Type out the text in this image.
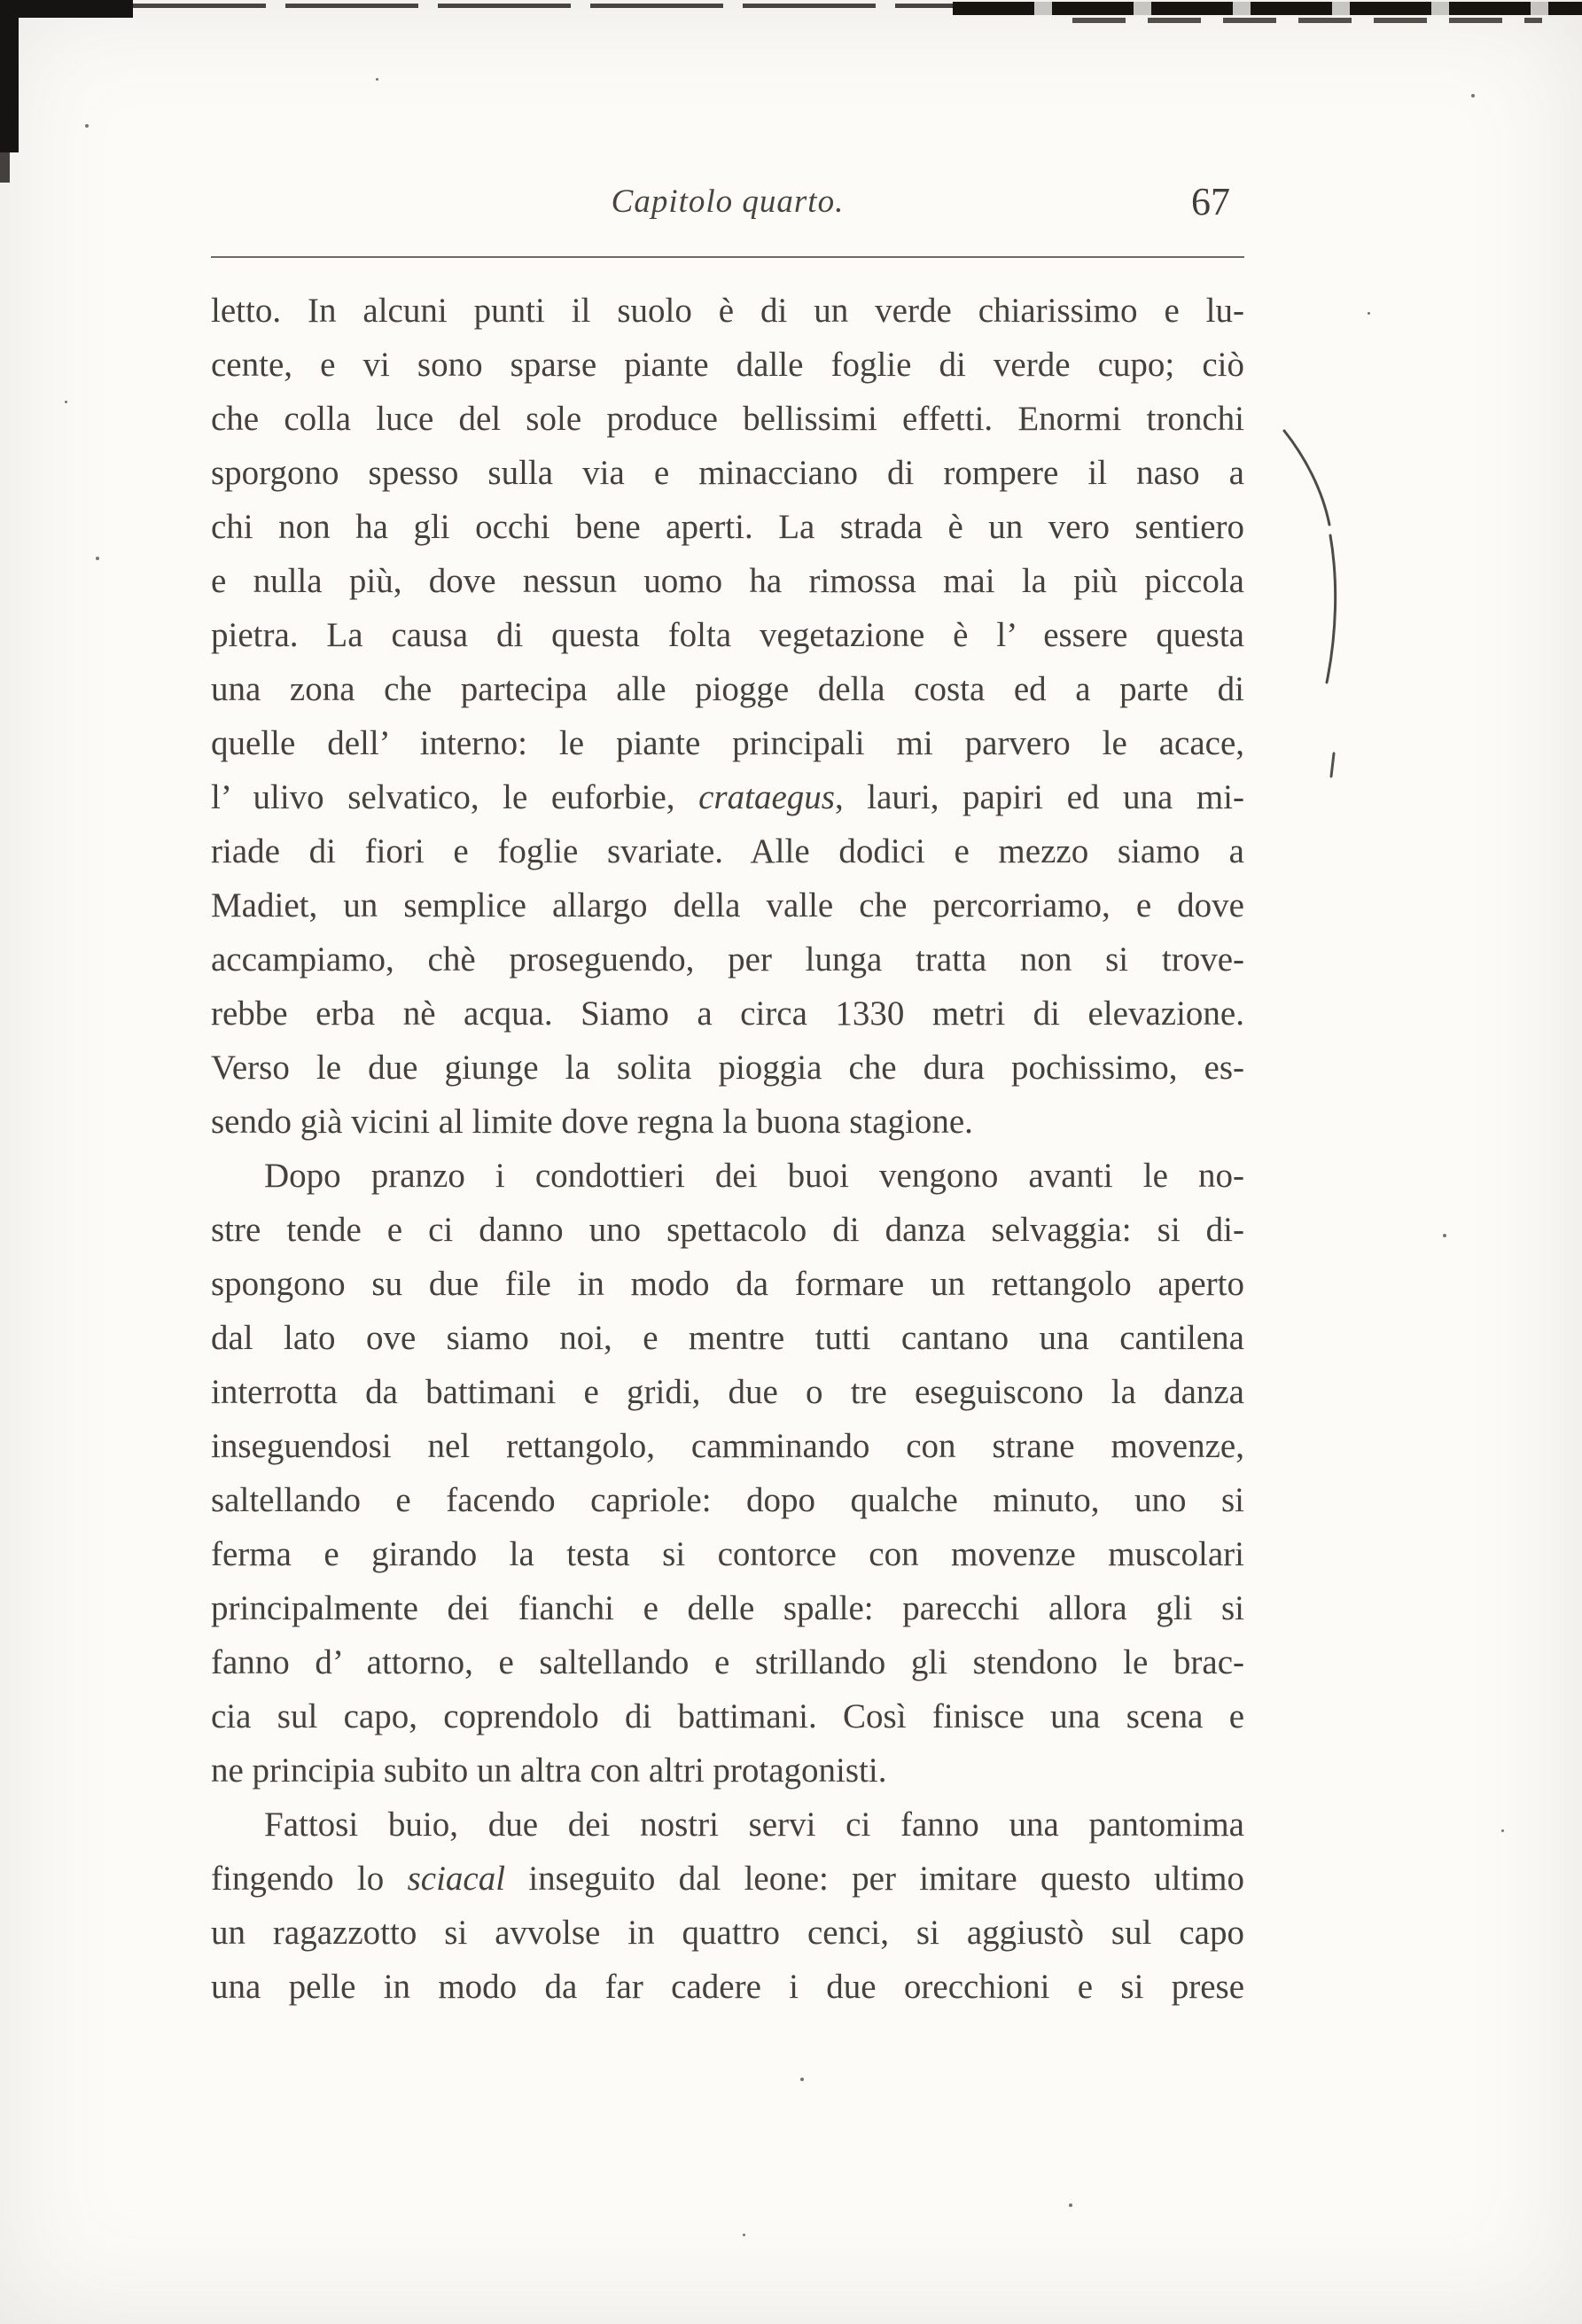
Capitolo quarto.	67
letto. In alcuni punti il suolo è di un verde chiarissimo e lu-
cente, e vi sono sparse piante dalle foglie di verde cupo; ciò
che colla luce del sole produce bellissimi effetti. Enormi tronchi
sporgono spesso sulla via e minacciano di rompere il naso a
chi non ha gli occhi bene aperti. La strada è un vero sentiero
e nulla più, dove nessun uomo ha rimossa mai la più piccola
pietra. La causa di questa folta vegetazione è l’ essere questa
una zona che partecipa alle piogge della costa ed a parte di
quelle dell’ interno: le piante principali mi parvero le acace,
l’ ulivo selvatico, le euforbie, crataegus, lauri, papiri ed una mi-
riade di fiori e foglie svariate. Alle dodici e mezzo siamo a
Madiet, un semplice allargo della valle che percorriamo, e dove
accampiamo, chè proseguendo, per lunga tratta non si trove-
rebbe erba nè acqua. Siamo a circa 1330 metri di elevazione.
Verso le due giunge la solita pioggia che dura pochissimo, es-
sendo già vicini al limite dove regna la buona stagione.
Dopo pranzo i condottieri dei buoi vengono avanti le no-
stre tende e ci danno uno spettacolo di danza selvaggia: si di-
spongono su due file in modo da formare un rettangolo aperto
dal lato ove siamo noi, e mentre tutti cantano una cantilena
interrotta da battimani e gridi, due o tre eseguiscono la danza
inseguendosi nel rettangolo, camminando con strane movenze,
saltellando e facendo capriole: dopo qualche minuto, uno si
ferma e girando la testa si contorce con movenze muscolari
principalmente dei fianchi e delle spalle: parecchi allora gli si
fanno d’ attorno, e saltellando e strillando gli stendono le brac-
cia sul capo, coprendolo di battimani. Così finisce una scena e
ne principia subito un altra con altri protagonisti.
Fattosi buio, due dei nostri servi ci fanno una pantomima
fingendo lo sciacal inseguito dal leone: per imitare questo ultimo
un ragazzotto si avvolse in quattro cenci, si aggiustò sul capo
una pelle in modo da far cadere i due orecchioni e si prese
